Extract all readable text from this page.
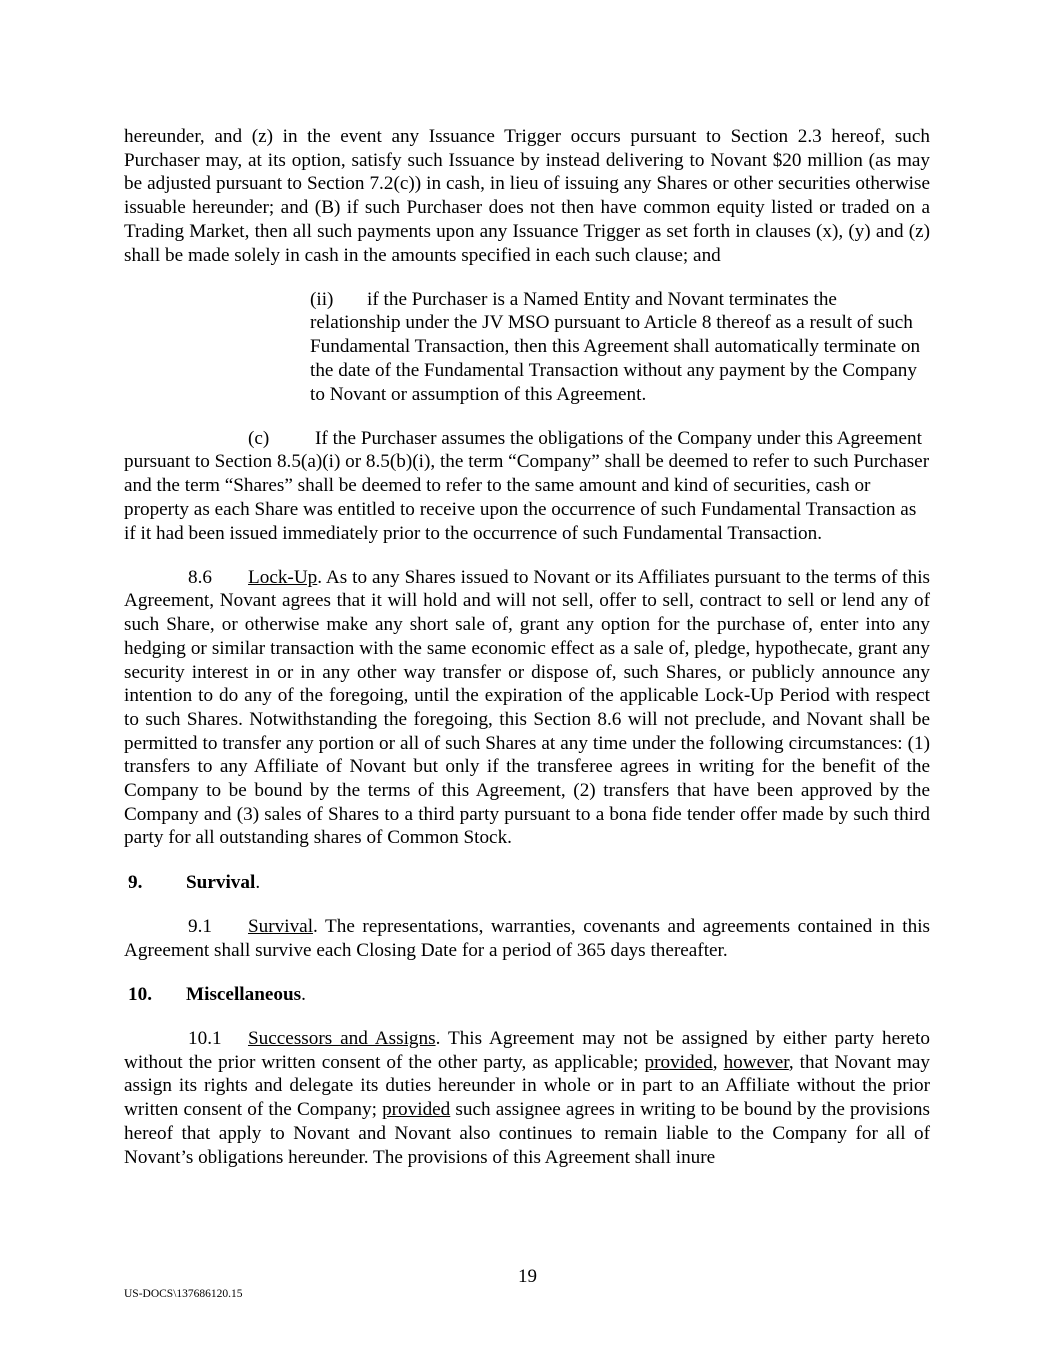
hereunder, and (z) in the event any Issuance Trigger occurs pursuant to Section 2.3 hereof, such Purchaser may, at its option, satisfy such Issuance by instead delivering to Novant $20 million (as may be adjusted pursuant to Section 7.2(c)) in cash, in lieu of issuing any Shares or other securities otherwise issuable hereunder; and (B) if such Purchaser does not then have common equity listed or traded on a Trading Market, then all such payments upon any Issuance Trigger as set forth in clauses (x), (y) and (z) shall be made solely in cash in the amounts specified in each such clause; and

(ii) if the Purchaser is a Named Entity and Novant terminates the relationship under the JV MSO pursuant to Article 8 thereof as a result of such Fundamental Transaction, then this Agreement shall automatically terminate on the date of the Fundamental Transaction without any payment by the Company to Novant or assumption of this Agreement.

(c) If the Purchaser assumes the obligations of the Company under this Agreement pursuant to Section 8.5(a)(i) or 8.5(b)(i), the term “Company” shall be deemed to refer to such Purchaser and the term “Shares” shall be deemed to refer to the same amount and kind of securities, cash or property as each Share was entitled to receive upon the occurrence of such Fundamental Transaction as if it had been issued immediately prior to the occurrence of such Fundamental Transaction.

8.6 Lock-Up. As to any Shares issued to Novant or its Affiliates pursuant to the terms of this Agreement, Novant agrees that it will hold and will not sell, offer to sell, contract to sell or lend any of such Share, or otherwise make any short sale of, grant any option for the purchase of, enter into any hedging or similar transaction with the same economic effect as a sale of, pledge, hypothecate, grant any security interest in or in any other way transfer or dispose of, such Shares, or publicly announce any intention to do any of the foregoing, until the expiration of the applicable Lock-Up Period with respect to such Shares. Notwithstanding the foregoing, this Section 8.6 will not preclude, and Novant shall be permitted to transfer any portion or all of such Shares at any time under the following circumstances: (1) transfers to any Affiliate of Novant but only if the transferee agrees in writing for the benefit of the Company to be bound by the terms of this Agreement, (2) transfers that have been approved by the Company and (3) sales of Shares to a third party pursuant to a bona fide tender offer made by such third party for all outstanding shares of Common Stock.

9. Survival.

9.1 Survival. The representations, warranties, covenants and agreements contained in this Agreement shall survive each Closing Date for a period of 365 days thereafter.

10. Miscellaneous.

10.1 Successors and Assigns. This Agreement may not be assigned by either party hereto without the prior written consent of the other party, as applicable; provided, however, that Novant may assign its rights and delegate its duties hereunder in whole or in part to an Affiliate without the prior written consent of the Company; provided such assignee agrees in writing to be bound by the provisions hereof that apply to Novant and Novant also continues to remain liable to the Company for all of Novant’s obligations hereunder. The provisions of this Agreement shall inure

19
US-DOCS\137686120.15
